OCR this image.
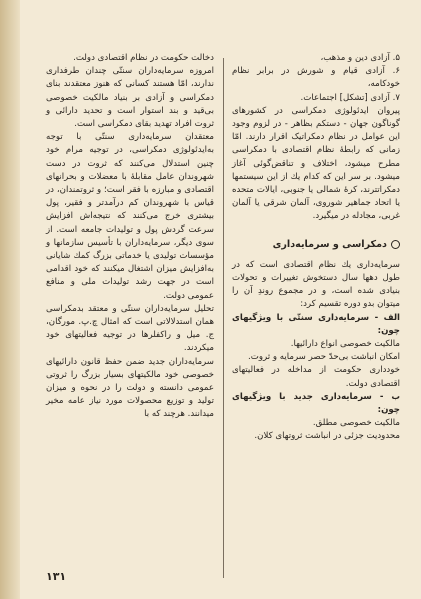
۵. آزادی دین و مذهب،

۶. آزادی قیام و شورش در برابر نظام خودکامه،

۷. آزادی [تشکل] اجتماعات.

پیروان ایدئولوژی دمکراسی در کشورهای گوناگون جهان - دستکم بظاهر - در لزوم وجود این عوامل در نظام دمکراتیک اقرار دارند. امّا زمانی که رابطهٔ نظام اقتصادی با دمکراسی مطرح میشود، اختلاف و تناقض‌گوئی آغاز میشود. بر سر این که کدام یك از این سیستمها دمکراتترند، کرهٔ شمالی یا جنوبی، ایالات متحده یا اتحاد جماهیر شوروی، آلمان شرقی یا آلمان غربی، مجادله در میگیرد.

دمکراسی و سرمایه‌داری

سرمایه‌داری یك نظام اقتصادی است که در طول دهها سال دستخوش تغییرات و تحولات بنیادی شده است، و در مجموع روندِ آن را میتوان بدو دوره تقسیم کرد:

الف - سرمایه‌داری سنتّی با ویژگیهای چون:

مالکیت خصوصی انواع دارائیها.

امکان انباشت بی‌حدّ حصر سرمایه و ثروت.

خودداری حکومت از مداخله در فعالیتهای اقتصادی دولت.

ب - سرمایه‌داری جدید با ویژگیهای چون:

مالکیت خصوصی مطلق.

محدودیت جزئی در انباشت ثروتهای کلان.

دخالت حکومت در نظام اقتصادی دولت.

امروزه سرمایه‌داران سنتّی چندان طرفداری ندارند، امّا هستند کسانی که هنوز معتقدند بنای دمکراسی و آزادی بر بنیاد مالکیت خصوصی بی‌قید و بند استوار است و تحدید دارائی و ثروت افراد تهدید بقای دمکراسی است.

معتقدان سرمایه‌داری سنتّی با توجه به‌ایدئولوژی دمکراسی، در توجیه مرام خود چنین استدلال می‌کنند که ثروت در دست شهروندان عامل مقابلهٔ با معضلات و بحرانهای اقتصادی و مبارزه با فقر است؛ و ثروتمندان، در قیاس با شهروندان کم درآمدتر و فقیر، پول بیشتری خرج می‌کنند که نتیجه‌اش افزایش سرعت گردش پول و تولیدات جامعه است. از سوی دیگر، سرمایه‌داران با تأسیس سازمانها و مؤسسات تولیدی یا خدماتی بزرگ کمك شایانی به‌افزایش میزان اشتغال میکنند که خود اقدامی است در جهت رشد تولیدات ملی و منافع عمومی دولت.

تحلیل سرمایه‌داران سنتّی و معتقد بدمکراسی همان استدلالاتی است که امثال چ.پ. مورگان، ج. میل و راکفلرها در توجیه فعالیتهای خود میکردند.

سرمایه‌داران جدید ضمن حفظ قانون دارائیهای خصوصی خود مالکیتهای بسیار بزرگ را ثروتی عمومی دانسته و دولت را در نحوه و میزان تولید و توزیع محصولات مورد نیاز عامه مخیر میدانند. هرچند که با

۱۳۱
